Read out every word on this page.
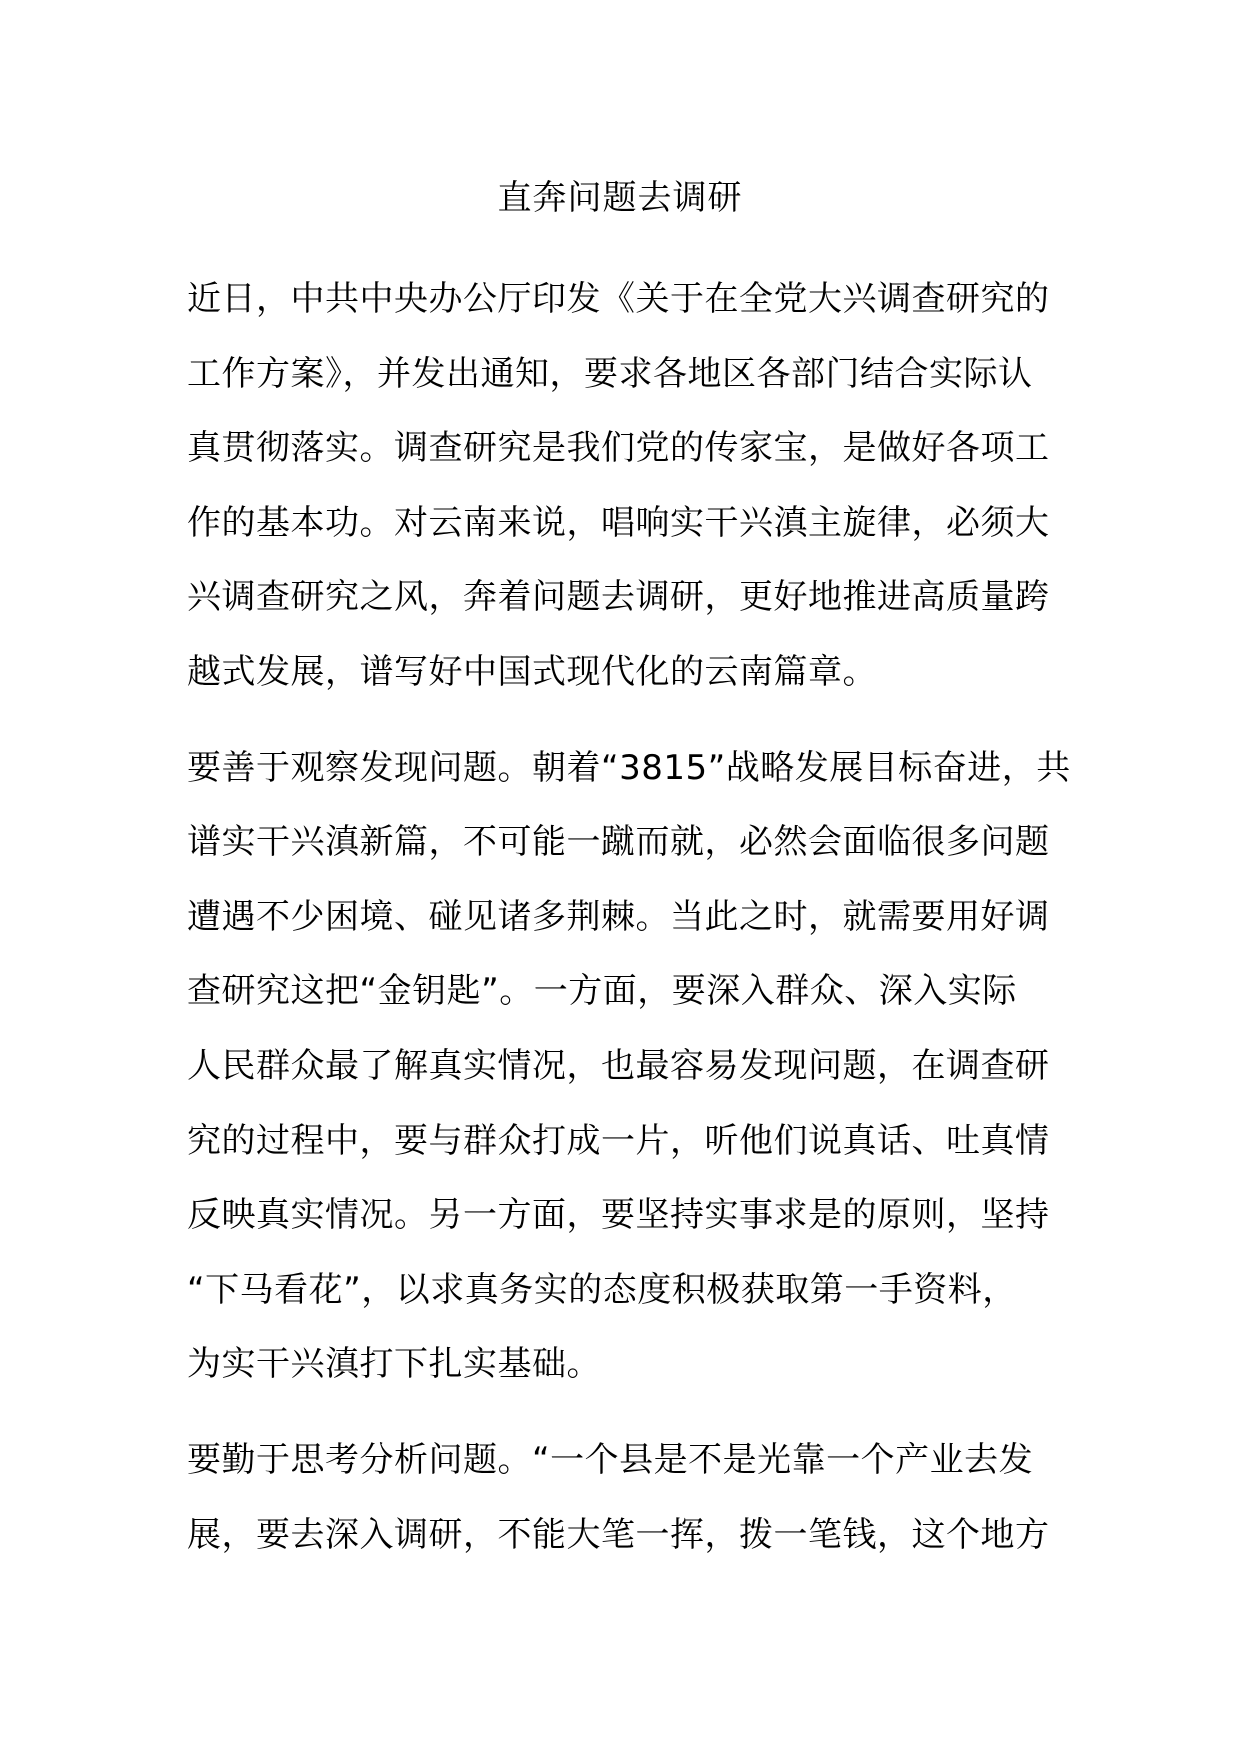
直奔问题去调研
近日，中共中央办公厅印发《关于在全党大兴调查研究的
工作方案》，并发出通知，要求各地区各部门结合实际认
真贯彻落实。调查研究是我们党的传家宝，是做好各项工
作的基本功。对云南来说，唱响实干兴滇主旋律，必须大
兴调查研究之风，奔着问题去调研，更好地推进高质量跨
越式发展，谱写好中国式现代化的云南篇章。
要善于观察发现问题。朝着“3815”战略发展目标奋进，共
谱实干兴滇新篇，不可能一蹴而就，必然会面临很多问题
遭遇不少困境、碰见诸多荆棘。当此之时，就需要用好调
查研究这把“金钥匙”。一方面，要深入群众、深入实际
人民群众最了解真实情况，也最容易发现问题，在调查研
究的过程中，要与群众打成一片，听他们说真话、吐真情
反映真实情况。另一方面，要坚持实事求是的原则，坚持
“下马看花”，以求真务实的态度积极获取第一手资料，
为实干兴滇打下扎实基础。
要勤于思考分析问题。“一个县是不是光靠一个产业去发
展，要去深入调研，不能大笔一挥，拨一笔钱，这个地方
